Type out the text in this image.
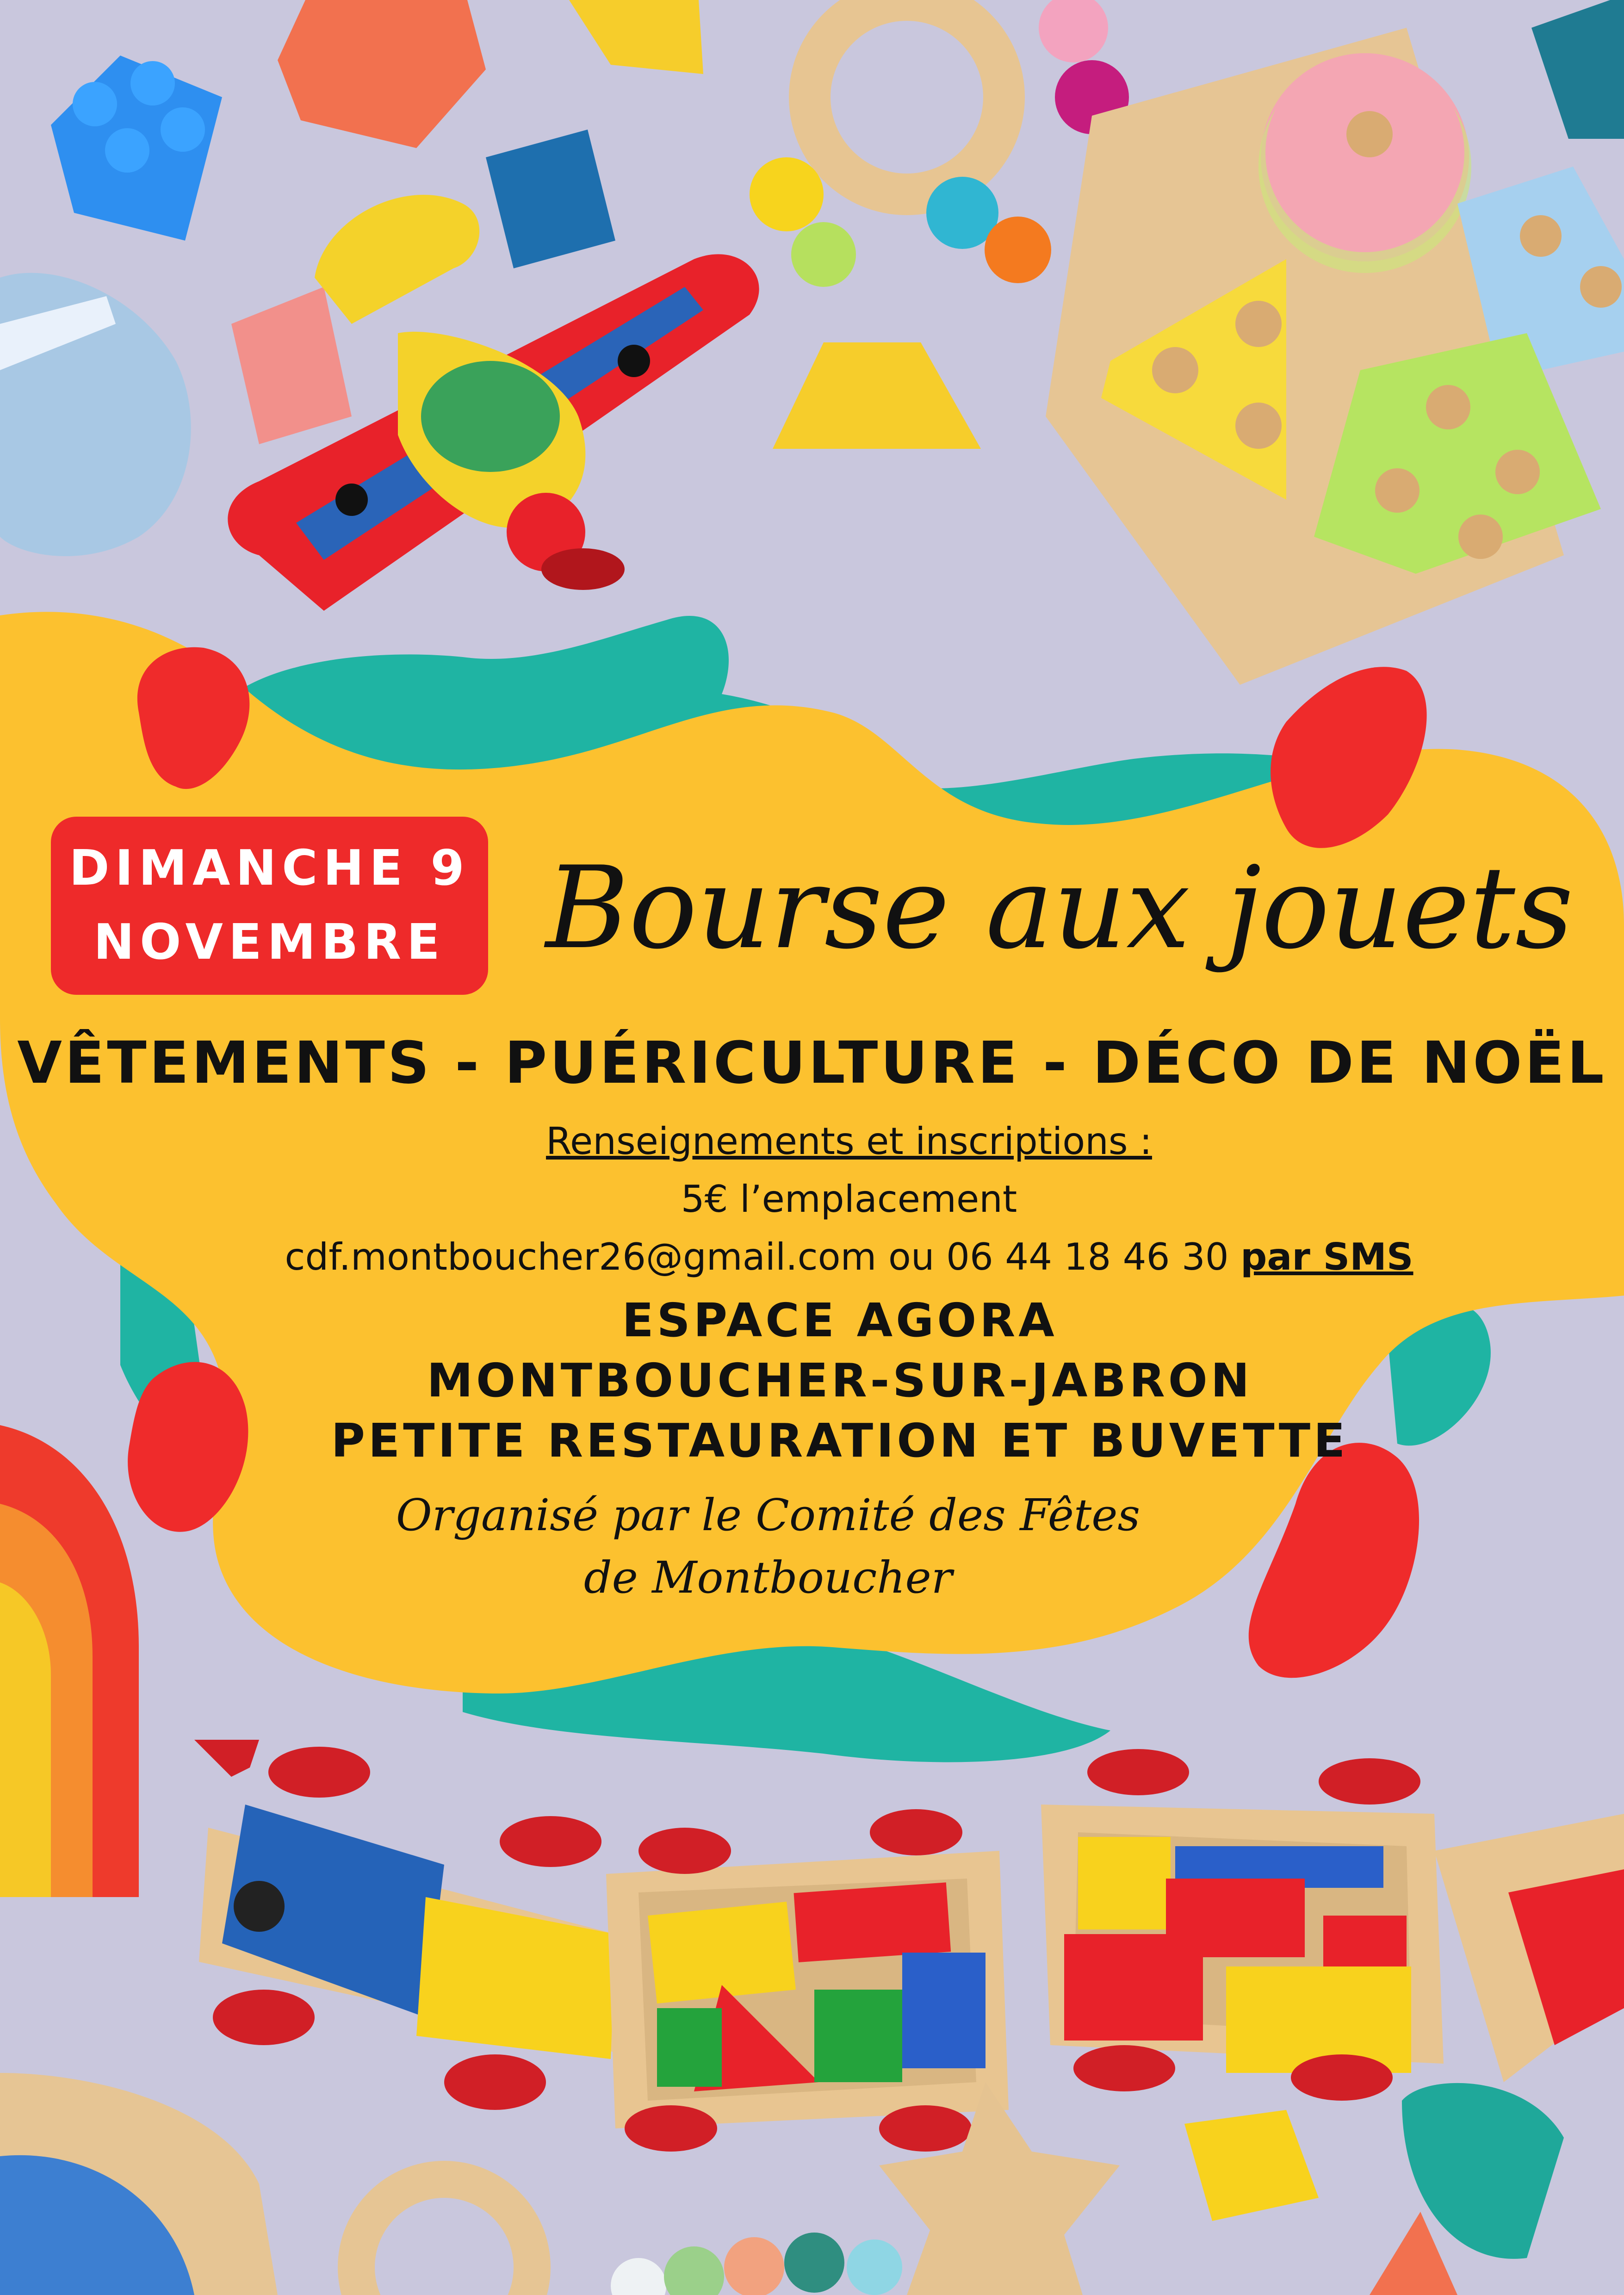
DIMANCHE 9
NOVEMBRE Bourse aux jouets
VÊTEMENTS - PUÉRICULTURE - DÉCO DE NOËL
Renseignements et inscriptions :
5€ l’emplacement
cdf.montboucher26@gmail.com ou 06 44 18 46 30 par SMS
ESPACE AGORA
MONTBOUCHER-SUR-JABRON
PETITE RESTAURATION ET BUVETTE
Organisé par le Comité des Fêtes
de Montboucher
